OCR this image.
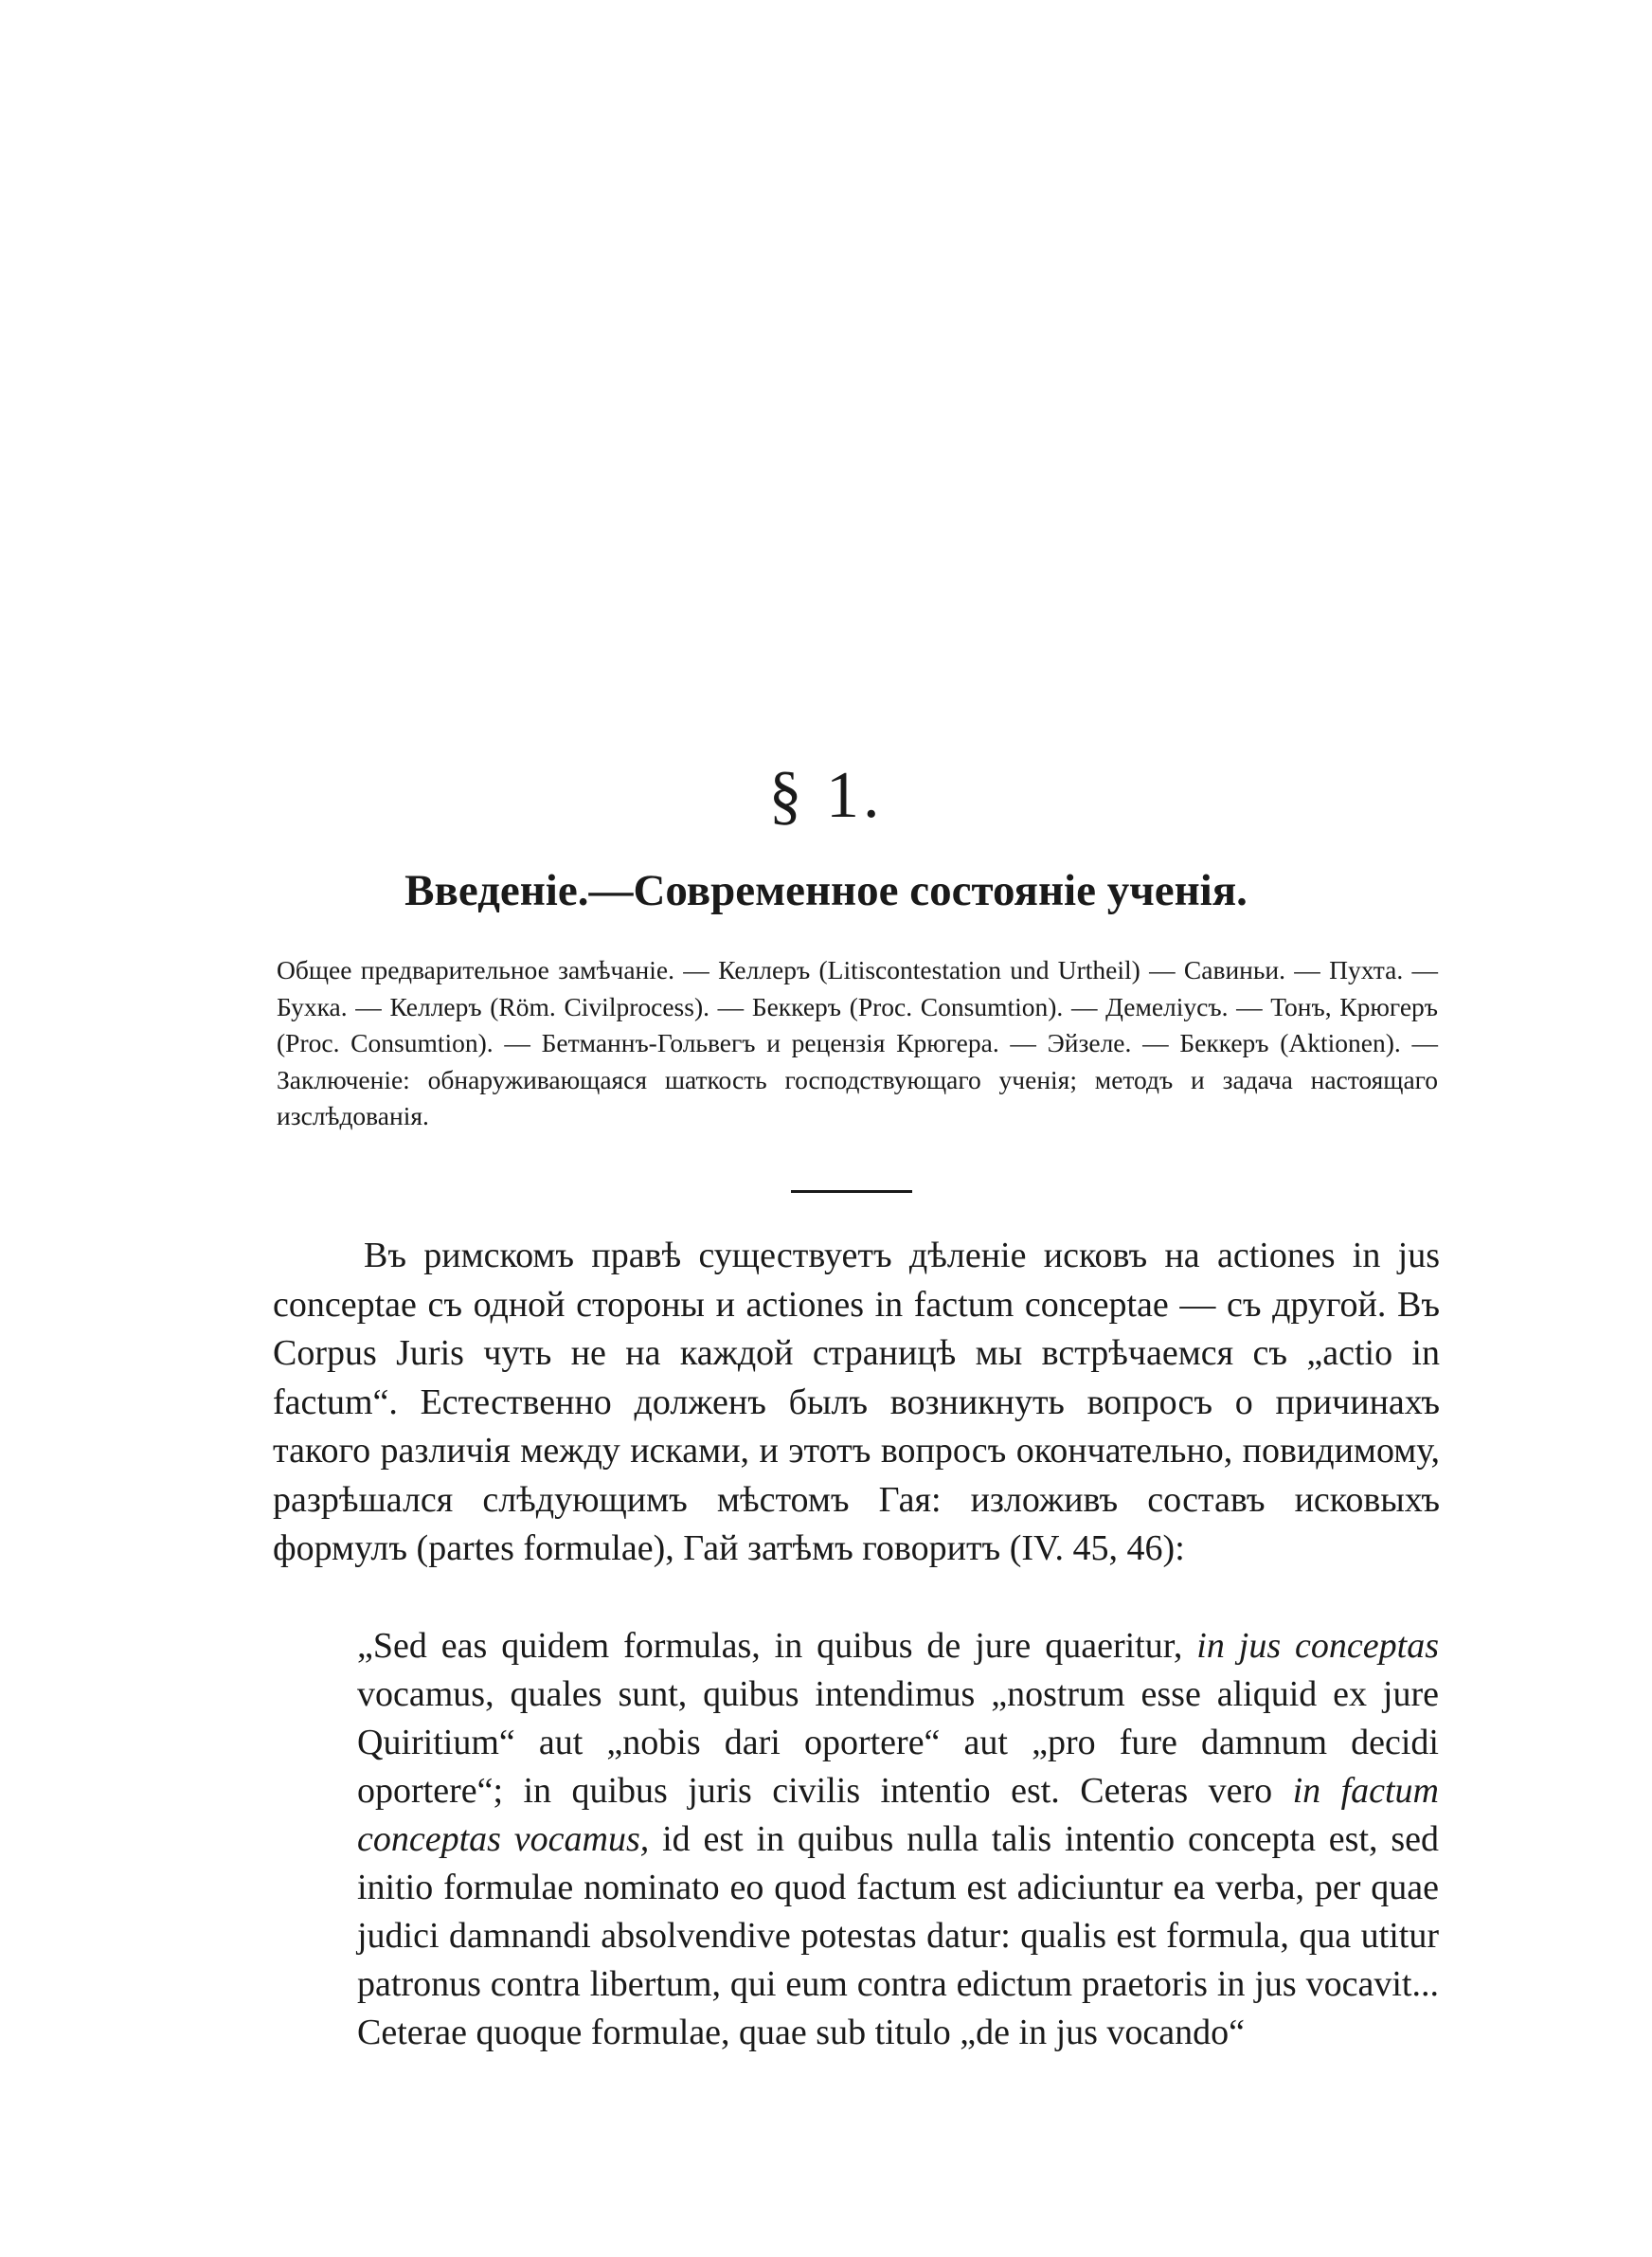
§ 1.
Введеніе.—Современное состояніе ученія.

Общее предварительное замѣчаніе. — Келлеръ (Litiscontestation und Urtheil) — Савиньи. — Пухта. — Бухка. — Келлеръ (Röm. Civilprocess). — Беккеръ (Proc. Consumtion). — Демеліусъ. — Тонъ, Крюгеръ (Proc. Consumtion). — Бетманнъ-Гольвегъ и рецензія Крюгера. — Эйзеле. — Беккеръ (Aktionen). — Заключеніе: обнаруживающаяся шаткость господствующаго ученія; методъ и задача настоящаго изслѣдованія.

Въ римскомъ правѣ существуетъ дѣленіе исковъ на actiones in jus conceptae съ одной стороны и actiones in factum conceptae — съ другой. Въ Corpus Juris чуть не на каждой страницѣ мы встрѣчаемся съ „actio in factum“. Естественно долженъ былъ возникнуть вопросъ о причинахъ такого различія между исками, и этотъ вопросъ окончательно, повидимому, разрѣшался слѣдующимъ мѣстомъ Гая: изложивъ составъ исковыхъ формулъ (partes formulae), Гай затѣмъ говоритъ (IV. 45, 46):

„Sed eas quidem formulas, in quibus de jure quaeritur, in jus conceptas vocamus, quales sunt, quibus intendimus „nostrum esse aliquid ex jure Quiritium“ aut „nobis dari oportere“ aut „pro fure damnum decidi oportere“; in quibus juris civilis intentio est. Ceteras vero in factum conceptas vocamus, id est in quibus nulla talis intentio concepta est, sed initio formulae nominato eo quod factum est adiciuntur ea verba, per quae judici damnandi absolvendive potestas datur: qualis est formula, qua utitur patronus contra libertum, qui eum contra edictum praetoris in jus vocavit... Ceterae quoque formulae, quae sub titulo „de in jus vocando“
